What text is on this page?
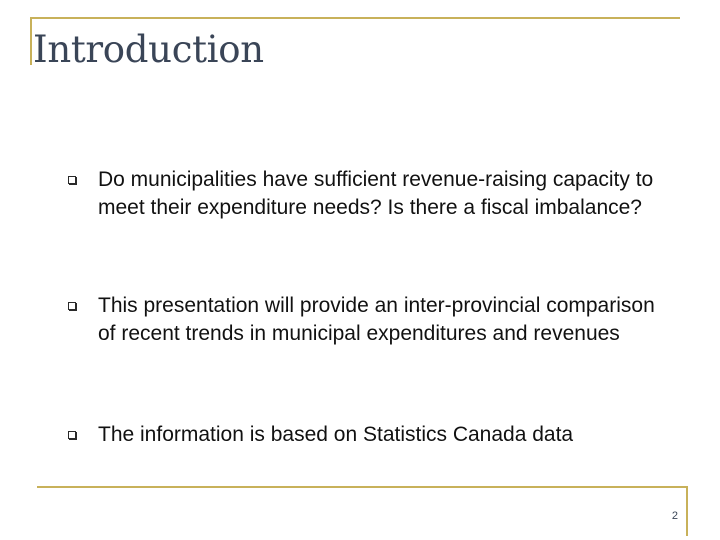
Introduction

Do municipalities have sufficient revenue-raising capacity to meet their expenditure needs? Is there a fiscal imbalance?

This presentation will provide an inter-provincial comparison of recent trends in municipal expenditures and revenues

The information is based on Statistics Canada data

2
